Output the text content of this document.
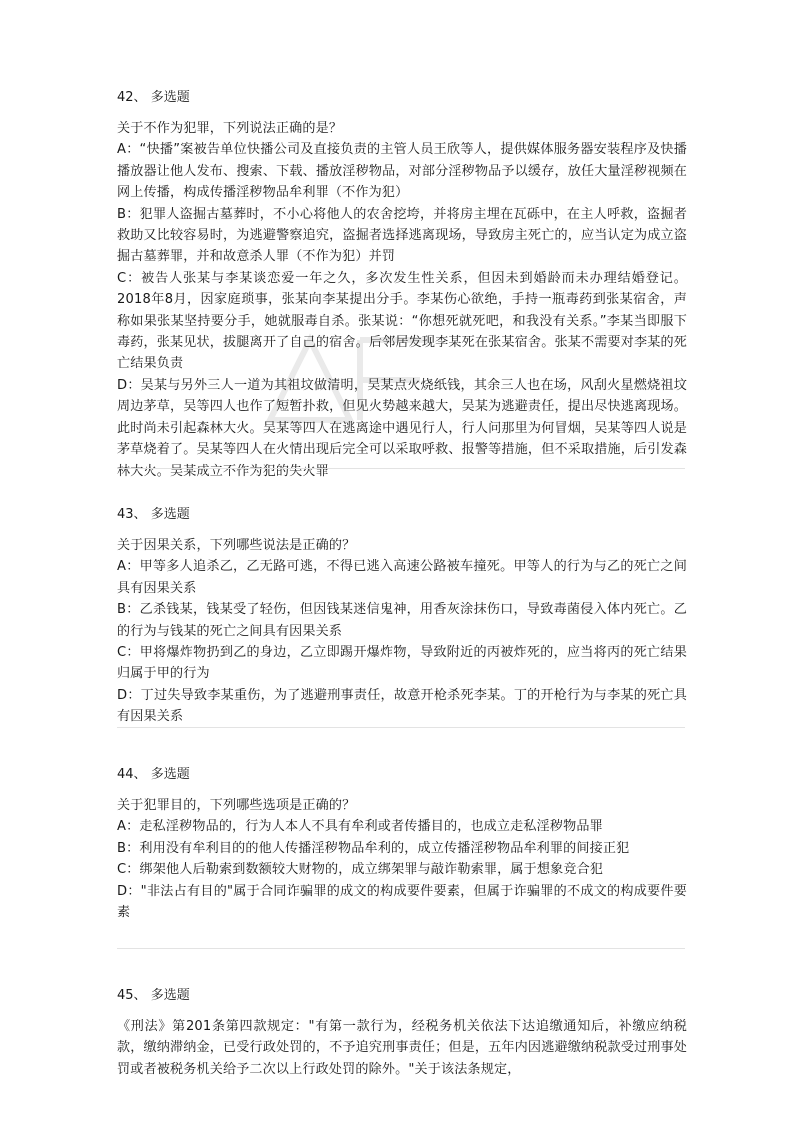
42、 多选题

关于不作为犯罪，下列说法正确的是？

A：“快播”案被告单位快播公司及直接负责的主管人员王欣等人，提供媒体服务器安装程序及快播播放器让他人发布、搜索、下载、播放淫秽物品，对部分淫秽物品予以缓存，放任大量淫秽视频在网上传播，构成传播淫秽物品牟利罪（不作为犯）

B：犯罪人盗掘古墓葬时，不小心将他人的农舍挖垮，并将房主埋在瓦砾中，在主人呼救，盗掘者救助又比较容易时，为逃避警察追究，盗掘者选择逃离现场，导致房主死亡的，应当认定为成立盗掘古墓葬罪，并和故意杀人罪（不作为犯）并罚

C：被告人张某与李某谈恋爱一年之久，多次发生性关系，但因未到婚龄而未办理结婚登记。2018年8月，因家庭琐事，张某向李某提出分手。李某伤心欲绝，手持一瓶毒药到张某宿舍，声称如果张某坚持要分手，她就服毒自杀。张某说：“你想死就死吧，和我没有关系。”李某当即服下毒药，张某见状，拔腿离开了自己的宿舍。后邻居发现李某死在张某宿舍。张某不需要对李某的死亡结果负责

D：吴某与另外三人一道为其祖坟做清明，吴某点火烧纸钱，其余三人也在场，风刮火星燃烧祖坟周边茅草，吴等四人也作了短暂扑救，但见火势越来越大，吴某为逃避责任，提出尽快逃离现场。此时尚未引起森林大火。吴某等四人在逃离途中遇见行人，行人问那里为何冒烟，吴某等四人说是茅草烧着了。吴某等四人在火情出现后完全可以采取呼救、报警等措施，但不采取措施，后引发森林大火。吴某成立不作为犯的失火罪

43、 多选题

关于因果关系，下列哪些说法是正确的？

A：甲等多人追杀乙，乙无路可逃，不得已逃入高速公路被车撞死。甲等人的行为与乙的死亡之间具有因果关系

B：乙杀钱某，钱某受了轻伤，但因钱某迷信鬼神，用香灰涂抹伤口，导致毒菌侵入体内死亡。乙的行为与钱某的死亡之间具有因果关系

C：甲将爆炸物扔到乙的身边，乙立即踢开爆炸物，导致附近的丙被炸死的，应当将丙的死亡结果归属于甲的行为

D：丁过失导致李某重伤，为了逃避刑事责任，故意开枪杀死李某。丁的开枪行为与李某的死亡具有因果关系

44、 多选题

关于犯罪目的，下列哪些选项是正确的？

A：走私淫秽物品的，行为人本人不具有牟利或者传播目的，也成立走私淫秽物品罪

B：利用没有牟利目的的他人传播淫秽物品牟利的，成立传播淫秽物品牟利罪的间接正犯

C：绑架他人后勒索到数额较大财物的，成立绑架罪与敲诈勒索罪，属于想象竞合犯

D："非法占有目的"属于合同诈骗罪的成文的构成要件要素，但属于诈骗罪的不成文的构成要件要素

45、 多选题

《刑法》第201条第四款规定："有第一款行为，经税务机关依法下达追缴通知后，补缴应纳税款，缴纳滞纳金，已受行政处罚的，不予追究刑事责任；但是，五年内因逃避缴纳税款受过刑事处罚或者被税务机关给予二次以上行政处罚的除外。"关于该法条规定，
